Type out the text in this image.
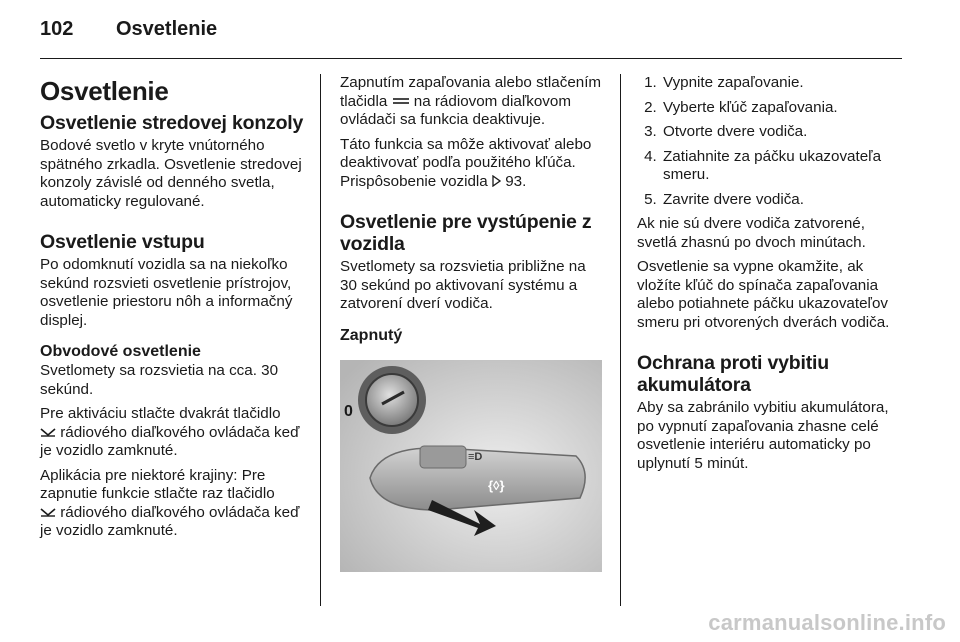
102 Osvetlenie
Osvetlenie
Osvetlenie stredovej konzoly

Bodové svetlo v kryte vnútorného spätného zrkadla. Osvetlenie stredovej konzoly závislé od denného svetla, automaticky regulované.

Osvetlenie vstupu

Po odomknutí vozidla sa na niekoľko sekúnd rozsvieti osvetlenie prístrojov, osvetlenie priestoru nôh a informačný displej.

Obvodové osvetlenie

Svetlomety sa rozsvietia na cca. 30 sekúnd.

Pre aktiváciu stlačte dvakrát tlačidlo
rádiového diaľkového ovládača keď je vozidlo zamknuté.

Aplikácia pre niektoré krajiny: Pre zapnutie funkcie stlačte raz tlačidlo
rádiového diaľkového ovládača keď je vozidlo zamknuté.

Zapnutím zapaľovania alebo stlačením tlačidla na rádiovom diaľkovom ovládači sa funkcia deaktivuje.

Táto funkcia sa môže aktivovať alebo deaktivovať podľa použitého kľúča. Prispôsobenie vozidla 93.

Osvetlenie pre vystúpenie z vozidla

Svetlomety sa rozsvietia približne na 30 sekúnd po aktivovaní systému a zatvorení dverí vodiča.

Zapnutý
0
≡D
{◊}
1. Vypnite zapaľovanie.
2. Vyberte kľúč zapaľovania.
3. Otvorte dvere vodiča.
4. Zatiahnite za páčku ukazovateľa smeru.
5. Zavrite dvere vodiča.

Ak nie sú dvere vodiča zatvorené, svetlá zhasnú po dvoch minútach.

Osvetlenie sa vypne okamžite, ak vložíte kľúč do spínača zapaľovania alebo potiahnete páčku ukazovateľov smeru pri otvorených dverách vodiča.

Ochrana proti vybitiu akumulátora

Aby sa zabránilo vybitiu akumulátora, po vypnutí zapaľovania zhasne celé osvetlenie interiéru automaticky po uplynutí 5 minút.

carmanualsonline.info
